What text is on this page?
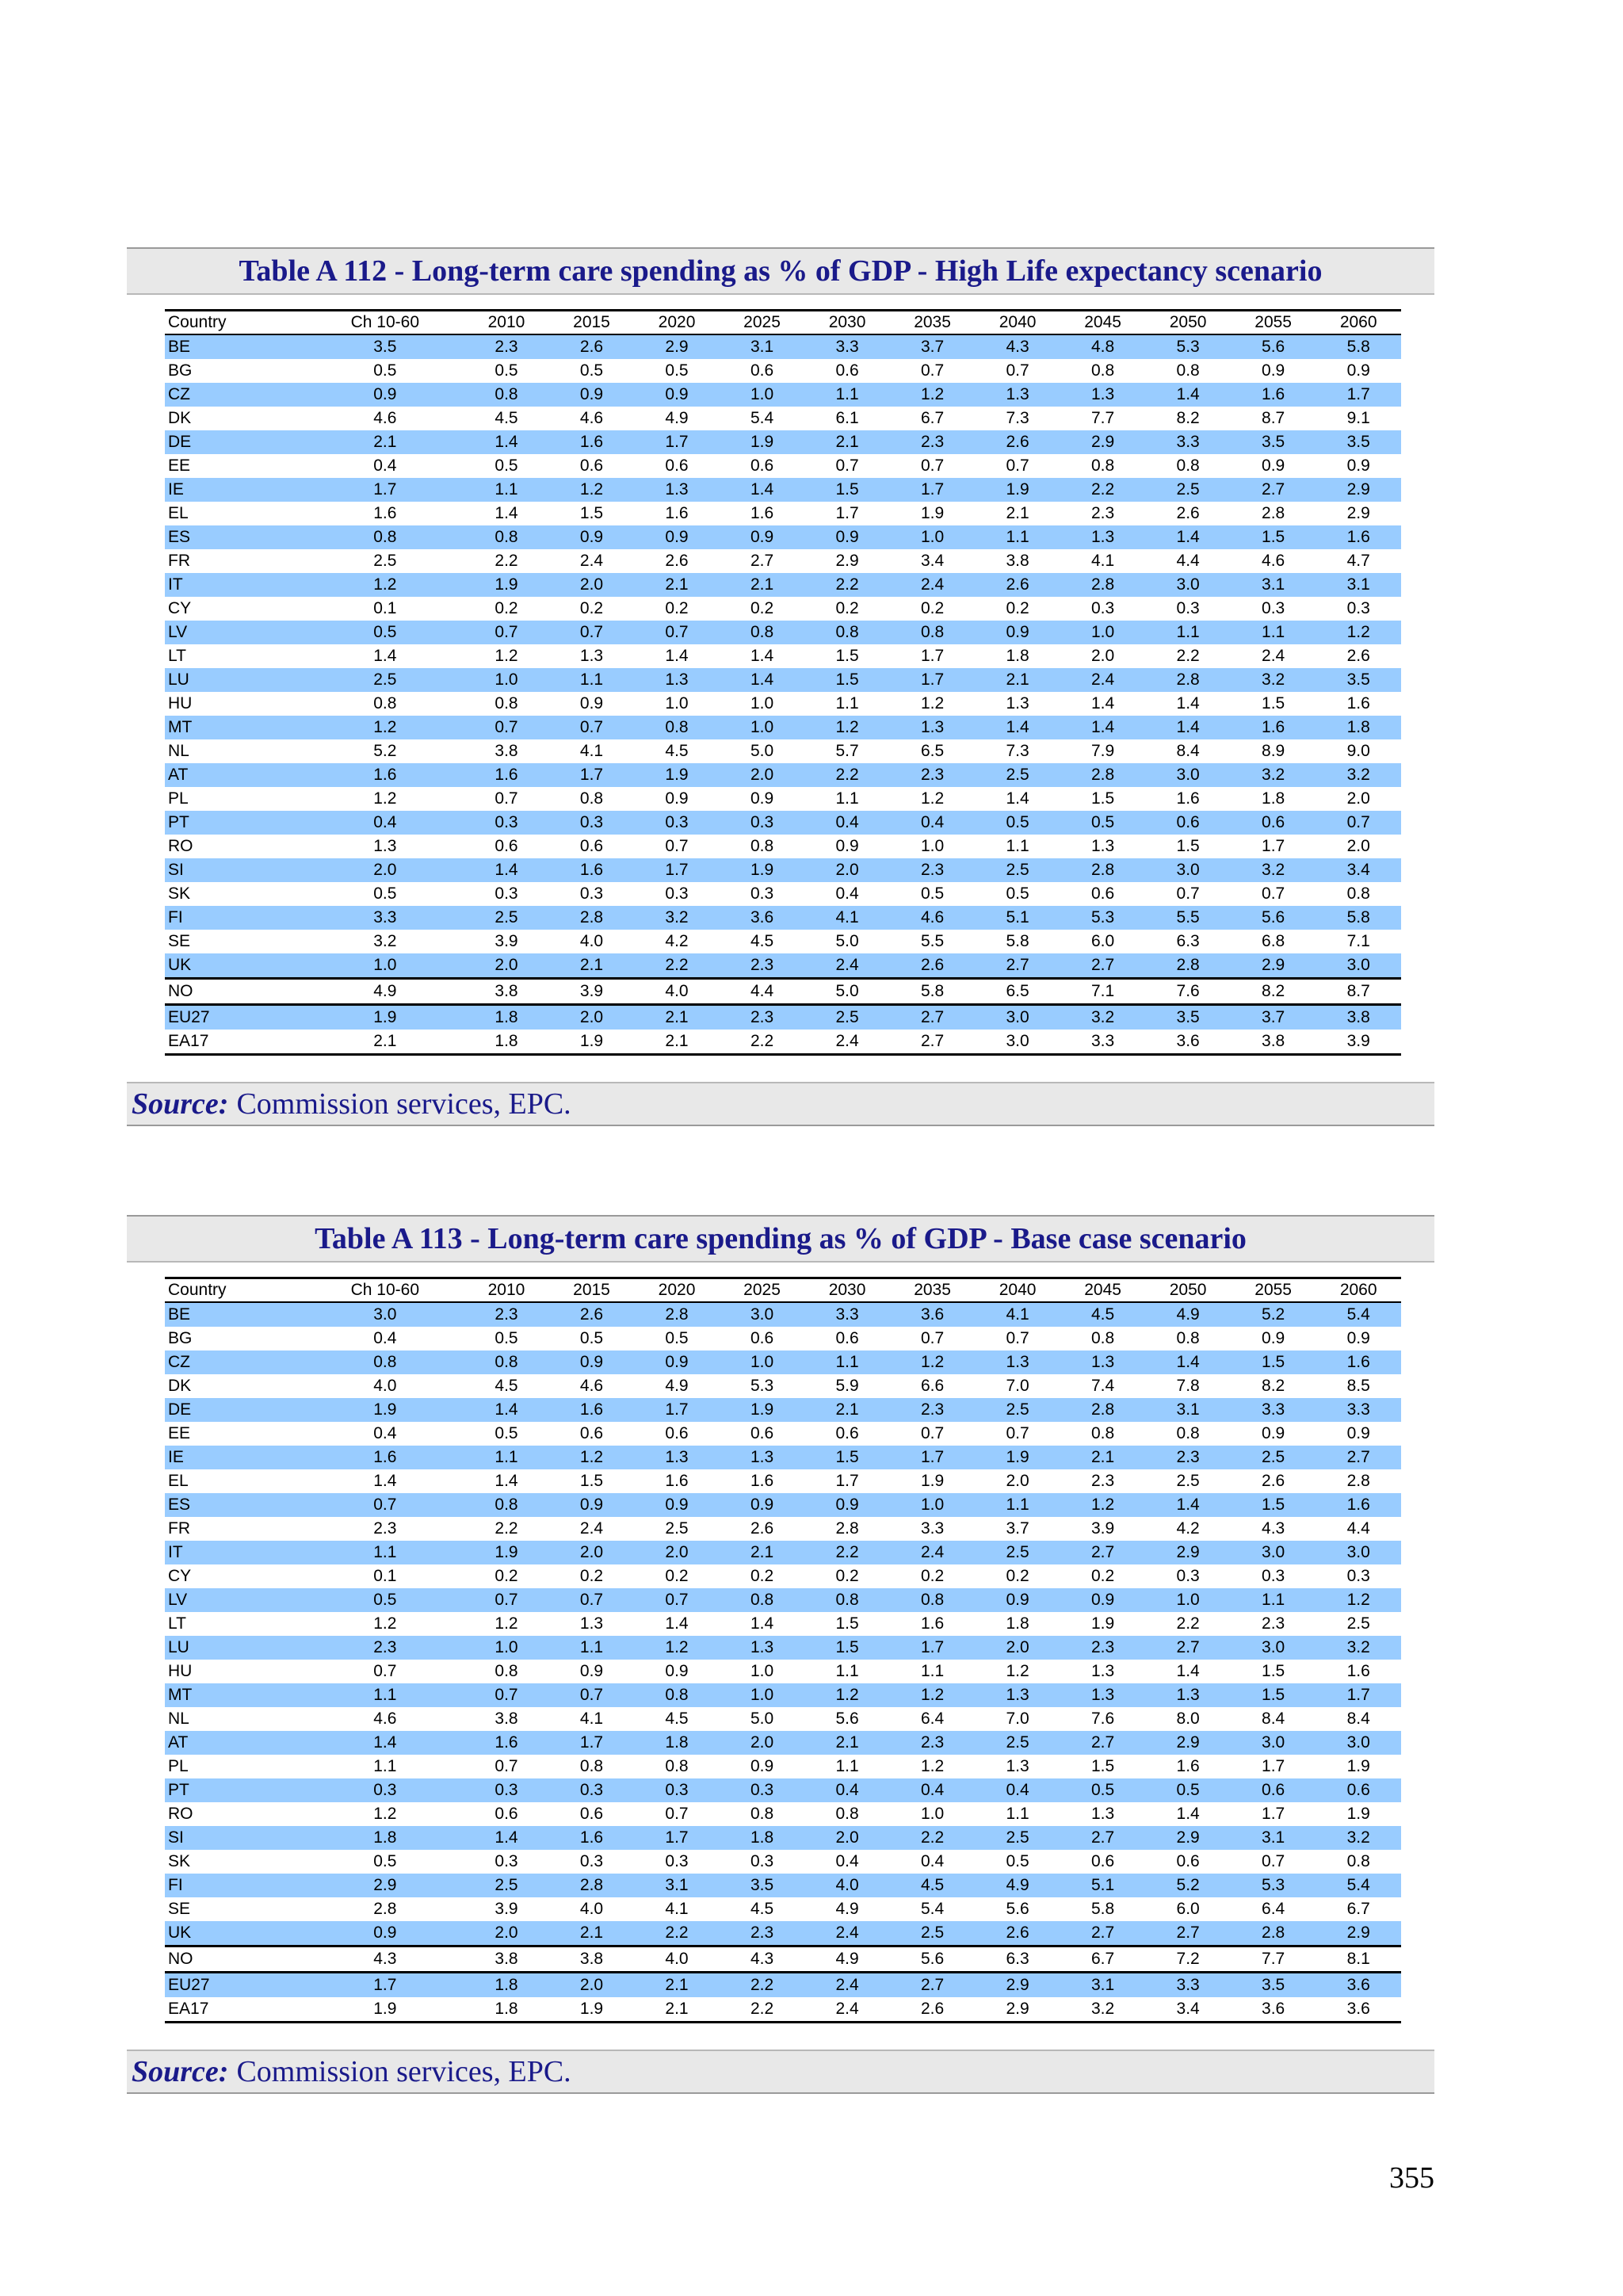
Table A 112 - Long-term care spending as % of GDP - High Life expectancy scenario
Country	Ch 10-60	2010	2015	2020	2025	2030	2035	2040	2045	2050	2055	2060
BE	3.5	2.3	2.6	2.9	3.1	3.3	3.7	4.3	4.8	5.3	5.6	5.8
BG	0.5	0.5	0.5	0.5	0.6	0.6	0.7	0.7	0.8	0.8	0.9	0.9
CZ	0.9	0.8	0.9	0.9	1.0	1.1	1.2	1.3	1.3	1.4	1.6	1.7
DK	4.6	4.5	4.6	4.9	5.4	6.1	6.7	7.3	7.7	8.2	8.7	9.1
DE	2.1	1.4	1.6	1.7	1.9	2.1	2.3	2.6	2.9	3.3	3.5	3.5
EE	0.4	0.5	0.6	0.6	0.6	0.7	0.7	0.7	0.8	0.8	0.9	0.9
IE	1.7	1.1	1.2	1.3	1.4	1.5	1.7	1.9	2.2	2.5	2.7	2.9
EL	1.6	1.4	1.5	1.6	1.6	1.7	1.9	2.1	2.3	2.6	2.8	2.9
ES	0.8	0.8	0.9	0.9	0.9	0.9	1.0	1.1	1.3	1.4	1.5	1.6
FR	2.5	2.2	2.4	2.6	2.7	2.9	3.4	3.8	4.1	4.4	4.6	4.7
IT	1.2	1.9	2.0	2.1	2.1	2.2	2.4	2.6	2.8	3.0	3.1	3.1
CY	0.1	0.2	0.2	0.2	0.2	0.2	0.2	0.2	0.3	0.3	0.3	0.3
LV	0.5	0.7	0.7	0.7	0.8	0.8	0.8	0.9	1.0	1.1	1.1	1.2
LT	1.4	1.2	1.3	1.4	1.4	1.5	1.7	1.8	2.0	2.2	2.4	2.6
LU	2.5	1.0	1.1	1.3	1.4	1.5	1.7	2.1	2.4	2.8	3.2	3.5
HU	0.8	0.8	0.9	1.0	1.0	1.1	1.2	1.3	1.4	1.4	1.5	1.6
MT	1.2	0.7	0.7	0.8	1.0	1.2	1.3	1.4	1.4	1.4	1.6	1.8
NL	5.2	3.8	4.1	4.5	5.0	5.7	6.5	7.3	7.9	8.4	8.9	9.0
AT	1.6	1.6	1.7	1.9	2.0	2.2	2.3	2.5	2.8	3.0	3.2	3.2
PL	1.2	0.7	0.8	0.9	0.9	1.1	1.2	1.4	1.5	1.6	1.8	2.0
PT	0.4	0.3	0.3	0.3	0.3	0.4	0.4	0.5	0.5	0.6	0.6	0.7
RO	1.3	0.6	0.6	0.7	0.8	0.9	1.0	1.1	1.3	1.5	1.7	2.0
SI	2.0	1.4	1.6	1.7	1.9	2.0	2.3	2.5	2.8	3.0	3.2	3.4
SK	0.5	0.3	0.3	0.3	0.3	0.4	0.5	0.5	0.6	0.7	0.7	0.8
FI	3.3	2.5	2.8	3.2	3.6	4.1	4.6	5.1	5.3	5.5	5.6	5.8
SE	3.2	3.9	4.0	4.2	4.5	5.0	5.5	5.8	6.0	6.3	6.8	7.1
UK	1.0	2.0	2.1	2.2	2.3	2.4	2.6	2.7	2.7	2.8	2.9	3.0
NO	4.9	3.8	3.9	4.0	4.4	5.0	5.8	6.5	7.1	7.6	8.2	8.7
EU27	1.9	1.8	2.0	2.1	2.3	2.5	2.7	3.0	3.2	3.5	3.7	3.8
EA17	2.1	1.8	1.9	2.1	2.2	2.4	2.7	3.0	3.3	3.6	3.8	3.9
Source: Commission services, EPC.
Table A 113 - Long-term care spending as % of GDP - Base case scenario
Country	Ch 10-60	2010	2015	2020	2025	2030	2035	2040	2045	2050	2055	2060
BE	3.0	2.3	2.6	2.8	3.0	3.3	3.6	4.1	4.5	4.9	5.2	5.4
BG	0.4	0.5	0.5	0.5	0.6	0.6	0.7	0.7	0.8	0.8	0.9	0.9
CZ	0.8	0.8	0.9	0.9	1.0	1.1	1.2	1.3	1.3	1.4	1.5	1.6
DK	4.0	4.5	4.6	4.9	5.3	5.9	6.6	7.0	7.4	7.8	8.2	8.5
DE	1.9	1.4	1.6	1.7	1.9	2.1	2.3	2.5	2.8	3.1	3.3	3.3
EE	0.4	0.5	0.6	0.6	0.6	0.6	0.7	0.7	0.8	0.8	0.9	0.9
IE	1.6	1.1	1.2	1.3	1.3	1.5	1.7	1.9	2.1	2.3	2.5	2.7
EL	1.4	1.4	1.5	1.6	1.6	1.7	1.9	2.0	2.3	2.5	2.6	2.8
ES	0.7	0.8	0.9	0.9	0.9	0.9	1.0	1.1	1.2	1.4	1.5	1.6
FR	2.3	2.2	2.4	2.5	2.6	2.8	3.3	3.7	3.9	4.2	4.3	4.4
IT	1.1	1.9	2.0	2.0	2.1	2.2	2.4	2.5	2.7	2.9	3.0	3.0
CY	0.1	0.2	0.2	0.2	0.2	0.2	0.2	0.2	0.2	0.3	0.3	0.3
LV	0.5	0.7	0.7	0.7	0.8	0.8	0.8	0.9	0.9	1.0	1.1	1.2
LT	1.2	1.2	1.3	1.4	1.4	1.5	1.6	1.8	1.9	2.2	2.3	2.5
LU	2.3	1.0	1.1	1.2	1.3	1.5	1.7	2.0	2.3	2.7	3.0	3.2
HU	0.7	0.8	0.9	0.9	1.0	1.1	1.1	1.2	1.3	1.4	1.5	1.6
MT	1.1	0.7	0.7	0.8	1.0	1.2	1.2	1.3	1.3	1.3	1.5	1.7
NL	4.6	3.8	4.1	4.5	5.0	5.6	6.4	7.0	7.6	8.0	8.4	8.4
AT	1.4	1.6	1.7	1.8	2.0	2.1	2.3	2.5	2.7	2.9	3.0	3.0
PL	1.1	0.7	0.8	0.8	0.9	1.1	1.2	1.3	1.5	1.6	1.7	1.9
PT	0.3	0.3	0.3	0.3	0.3	0.4	0.4	0.4	0.5	0.5	0.6	0.6
RO	1.2	0.6	0.6	0.7	0.8	0.8	1.0	1.1	1.3	1.4	1.7	1.9
SI	1.8	1.4	1.6	1.7	1.8	2.0	2.2	2.5	2.7	2.9	3.1	3.2
SK	0.5	0.3	0.3	0.3	0.3	0.4	0.4	0.5	0.6	0.6	0.7	0.8
FI	2.9	2.5	2.8	3.1	3.5	4.0	4.5	4.9	5.1	5.2	5.3	5.4
SE	2.8	3.9	4.0	4.1	4.5	4.9	5.4	5.6	5.8	6.0	6.4	6.7
UK	0.9	2.0	2.1	2.2	2.3	2.4	2.5	2.6	2.7	2.7	2.8	2.9
NO	4.3	3.8	3.8	4.0	4.3	4.9	5.6	6.3	6.7	7.2	7.7	8.1
EU27	1.7	1.8	2.0	2.1	2.2	2.4	2.7	2.9	3.1	3.3	3.5	3.6
EA17	1.9	1.8	1.9	2.1	2.2	2.4	2.6	2.9	3.2	3.4	3.6	3.6
Source: Commission services, EPC.
355
